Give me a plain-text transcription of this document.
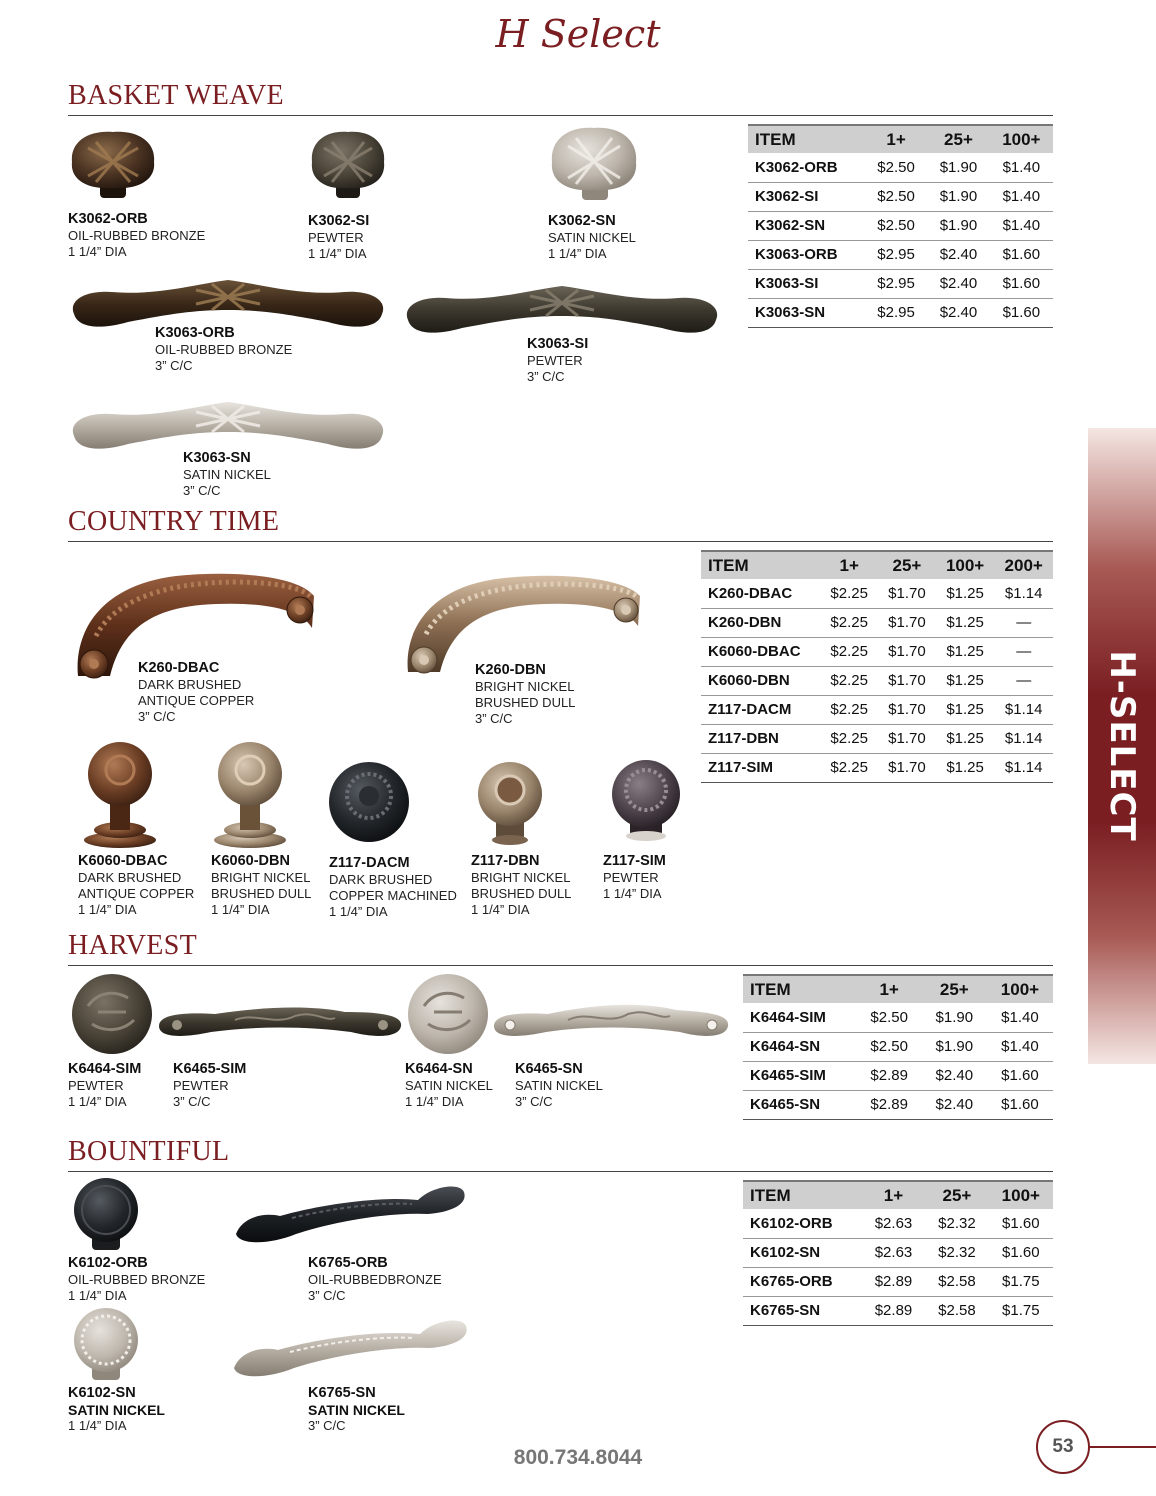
H Select
BASKET WEAVE
K3062-ORB
OIL-RUBBED BRONZE
1 1/4” DIA
K3062-SI
PEWTER
1 1/4” DIA
K3062-SN
SATIN NICKEL
1 1/4” DIA
K3063-ORB
OIL-RUBBED BRONZE
3” C/C
K3063-SI
PEWTER
3” C/C
K3063-SN
SATIN NICKEL
3” C/C
ITEM	1+	25+	100+
K3062-ORB	$2.50	$1.90	$1.40
K3062-SI	$2.50	$1.90	$1.40
K3062-SN	$2.50	$1.90	$1.40
K3063-ORB	$2.95	$2.40	$1.60
K3063-SI	$2.95	$2.40	$1.60
K3063-SN	$2.95	$2.40	$1.60
COUNTRY TIME
K260-DBAC
DARK BRUSHED
ANTIQUE COPPER
3” C/C
K260-DBN
BRIGHT NICKEL
BRUSHED DULL
3” C/C
K6060-DBAC
DARK BRUSHED
ANTIQUE COPPER
1 1/4” DIA
K6060-DBN
BRIGHT NICKEL
BRUSHED DULL
1 1/4” DIA
Z117-DACM
DARK BRUSHED
COPPER MACHINED
1 1/4” DIA
Z117-DBN
BRIGHT NICKEL
BRUSHED DULL
1 1/4” DIA
Z117-SIM
PEWTER
1 1/4” DIA
ITEM	1+	25+	100+	200+
K260-DBAC	$2.25	$1.70	$1.25	$1.14
K260-DBN	$2.25	$1.70	$1.25	—
K6060-DBAC	$2.25	$1.70	$1.25	—
K6060-DBN	$2.25	$1.70	$1.25	—
Z117-DACM	$2.25	$1.70	$1.25	$1.14
Z117-DBN	$2.25	$1.70	$1.25	$1.14
Z117-SIM	$2.25	$1.70	$1.25	$1.14
HARVEST
K6464-SIM
PEWTER
1 1/4” DIA
K6465-SIM
PEWTER
3” C/C
K6464-SN
SATIN NICKEL
1 1/4” DIA
K6465-SN
SATIN NICKEL
3” C/C
ITEM	1+	25+	100+
K6464-SIM	$2.50	$1.90	$1.40
K6464-SN	$2.50	$1.90	$1.40
K6465-SIM	$2.89	$2.40	$1.60
K6465-SN	$2.89	$2.40	$1.60
BOUNTIFUL
K6102-ORB
OIL-RUBBED BRONZE
1 1/4” DIA
K6765-ORB
OIL-RUBBEDBRONZE
3” C/C
K6102-SN
SATIN NICKEL
1 1/4” DIA
K6765-SN
SATIN NICKEL
3” C/C
ITEM	1+	25+	100+
K6102-ORB	$2.63	$2.32	$1.60
K6102-SN	$2.63	$2.32	$1.60
K6765-ORB	$2.89	$2.58	$1.75
K6765-SN	$2.89	$2.58	$1.75
H-SELECT
800.734.8044	53
